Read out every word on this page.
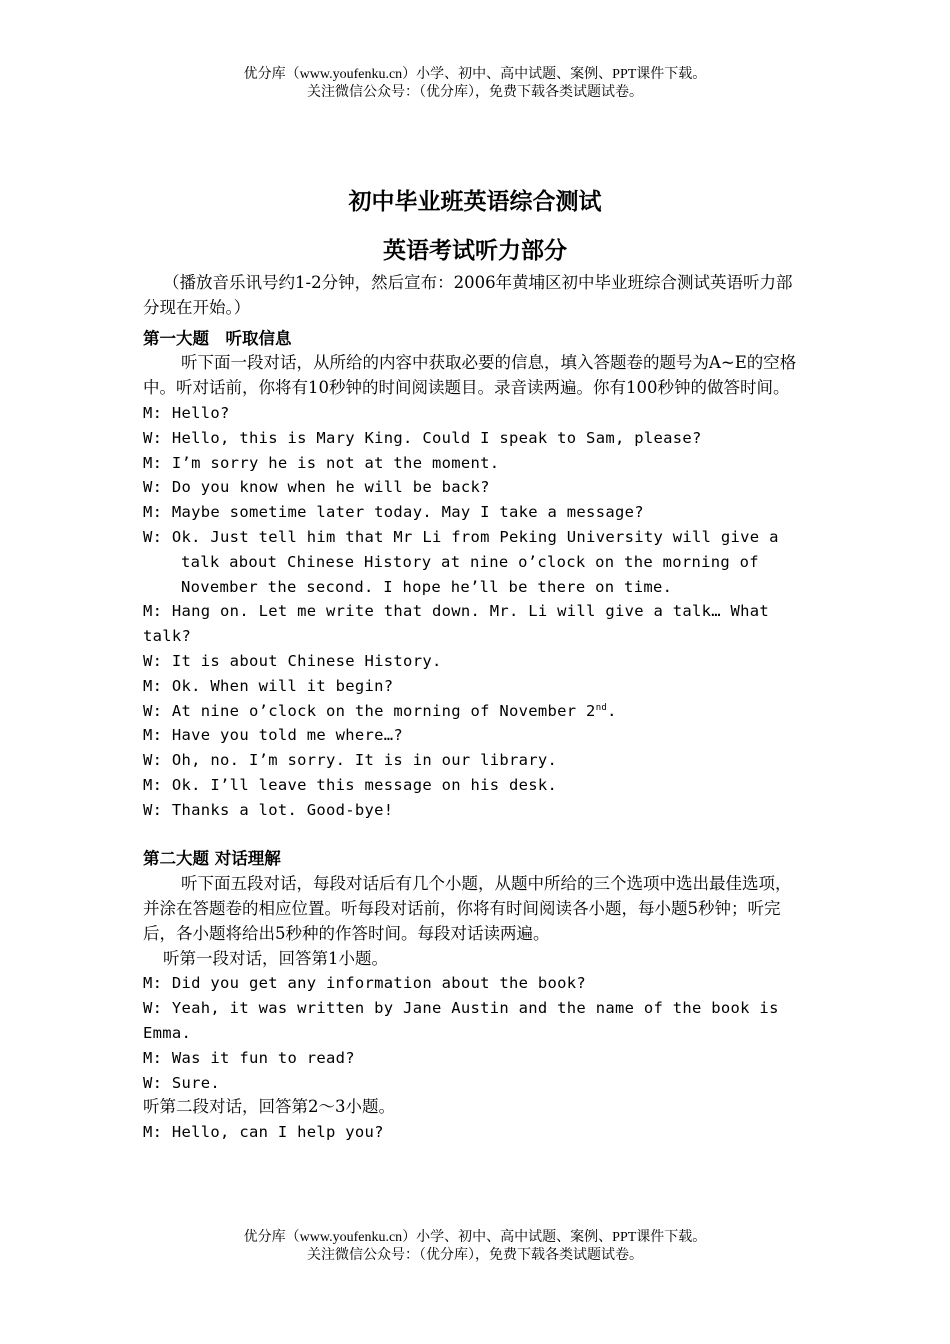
优分库（www.youfenku.cn）小学、初中、高中试题、案例、PPT课件下载。
关注微信公众号：（优分库），免费下载各类试题试卷。
初中毕业班英语综合测试
英语考试听力部分

（播放音乐讯号约1-2分钟，然后宣布：2006年黄埔区初中毕业班综合测试英语听力部分现在开始。）

第一大题　听取信息

听下面一段对话，从所给的内容中获取必要的信息，填入答题卷的题号为A~E的空格中。听对话前，你将有10秒钟的时间阅读题目。录音读两遍。你有100秒钟的做答时间。

M: Hello?

W: Hello, this is Mary King. Could I speak to Sam, please?

M: I’m sorry he is not at the moment.

W: Do you know when he will be back?

M: Maybe sometime later today. May I take a message?

W: Ok. Just tell him that Mr Li from Peking University will give a talk about Chinese History at nine o’clock on the morning of November the second. I hope he’ll be there on time.

M: Hang on. Let me write that down. Mr. Li will give a talk… What talk?

W: It is about Chinese History.

M: Ok. When will it begin?

W: At nine o’clock on the morning of November 2nd.

M: Have you told me where…?

W: Oh, no. I’m sorry. It is in our library.

M: Ok. I’ll leave this message on his desk.

W: Thanks a lot. Good-bye!

第二大题 对话理解

听下面五段对话，每段对话后有几个小题，从题中所给的三个选项中选出最佳选项，并涂在答题卷的相应位置。听每段对话前，你将有时间阅读各小题，每小题5秒钟；听完后，各小题将给出5秒种的作答时间。每段对话读两遍。

听第一段对话，回答第1小题。

M: Did you get any information about the book?

W: Yeah, it was written by Jane Austin and the name of the book is Emma.

M: Was it fun to read?

W: Sure.

听第二段对话，回答第2～3小题。

M: Hello, can I help you?

优分库（www.youfenku.cn）小学、初中、高中试题、案例、PPT课件下载。
关注微信公众号：（优分库），免费下载各类试题试卷。
